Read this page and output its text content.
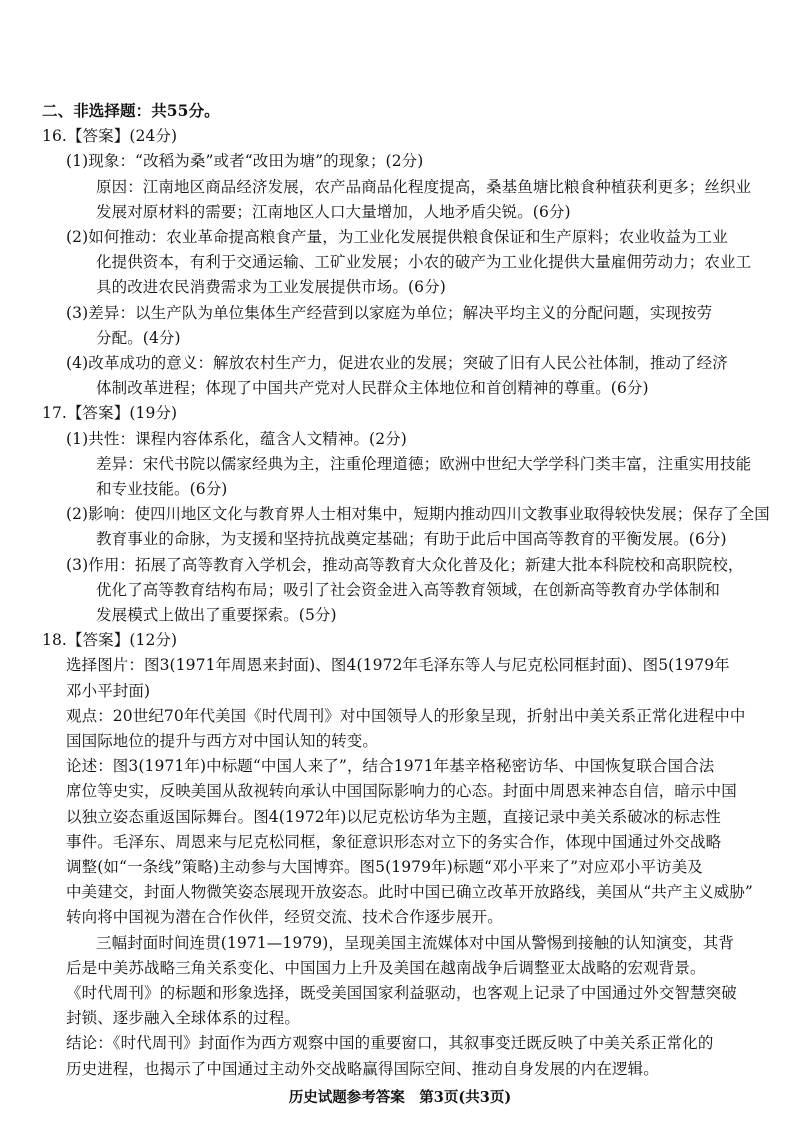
二、非选择题：共55分。
16.【答案】(24分)
(1)现象：“改稻为桑”或者“改田为塘”的现象；(2分)
原因：江南地区商品经济发展，农产品商品化程度提高，桑基鱼塘比粮食种植获利更多；丝织业
发展对原材料的需要；江南地区人口大量增加，人地矛盾尖锐。(6分)
(2)如何推动：农业革命提高粮食产量，为工业化发展提供粮食保证和生产原料；农业收益为工业
化提供资本，有利于交通运输、工矿业发展；小农的破产为工业化提供大量雇佣劳动力；农业工
具的改进农民消费需求为工业发展提供市场。(6分)
(3)差异：以生产队为单位集体生产经营到以家庭为单位；解决平均主义的分配问题，实现按劳
分配。(4分)
(4)改革成功的意义：解放农村生产力，促进农业的发展；突破了旧有人民公社体制，推动了经济
体制改革进程；体现了中国共产党对人民群众主体地位和首创精神的尊重。(6分)
17.【答案】(19分)
(1)共性：课程内容体系化，蕴含人文精神。(2分)
差异：宋代书院以儒家经典为主，注重伦理道德；欧洲中世纪大学学科门类丰富，注重实用技能
和专业技能。(6分)
(2)影响：使四川地区文化与教育界人士相对集中，短期内推动四川文教事业取得较快发展；保存了全国
教育事业的命脉，为支援和坚持抗战奠定基础；有助于此后中国高等教育的平衡发展。(6分)
(3)作用：拓展了高等教育入学机会，推动高等教育大众化普及化；新建大批本科院校和高职院校，
优化了高等教育结构布局；吸引了社会资金进入高等教育领域，在创新高等教育办学体制和
发展模式上做出了重要探索。(5分)
18.【答案】(12分)
选择图片：图3(1971年周恩来封面)、图4(1972年毛泽东等人与尼克松同框封面)、图5(1979年
邓小平封面)
观点：20世纪70年代美国《时代周刊》对中国领导人的形象呈现，折射出中美关系正常化进程中中
国国际地位的提升与西方对中国认知的转变。
论述：图3(1971年)中标题“中国人来了”，结合1971年基辛格秘密访华、中国恢复联合国合法
席位等史实，反映美国从敌视转向承认中国国际影响力的心态。封面中周恩来神态自信，暗示中国
以独立姿态重返国际舞台。图4(1972年)以尼克松访华为主题，直接记录中美关系破冰的标志性
事件。毛泽东、周恩来与尼克松同框，象征意识形态对立下的务实合作，体现中国通过外交战略
调整(如“一条线”策略)主动参与大国博弈。图5(1979年)标题“邓小平来了”对应邓小平访美及
中美建交，封面人物微笑姿态展现开放姿态。此时中国已确立改革开放路线，美国从“共产主义威胁”
转向将中国视为潜在合作伙伴，经贸交流、技术合作逐步展开。
三幅封面时间连贯(1971—1979)，呈现美国主流媒体对中国从警惕到接触的认知演变，其背
后是中美苏战略三角关系变化、中国国力上升及美国在越南战争后调整亚太战略的宏观背景。
《时代周刊》的标题和形象选择，既受美国国家利益驱动，也客观上记录了中国通过外交智慧突破
封锁、逐步融入全球体系的过程。
结论：《时代周刊》封面作为西方观察中国的重要窗口，其叙事变迁既反映了中美关系正常化的
历史进程，也揭示了中国通过主动外交战略赢得国际空间、推动自身发展的内在逻辑。
历史试题参考答案　第3页(共3页)
